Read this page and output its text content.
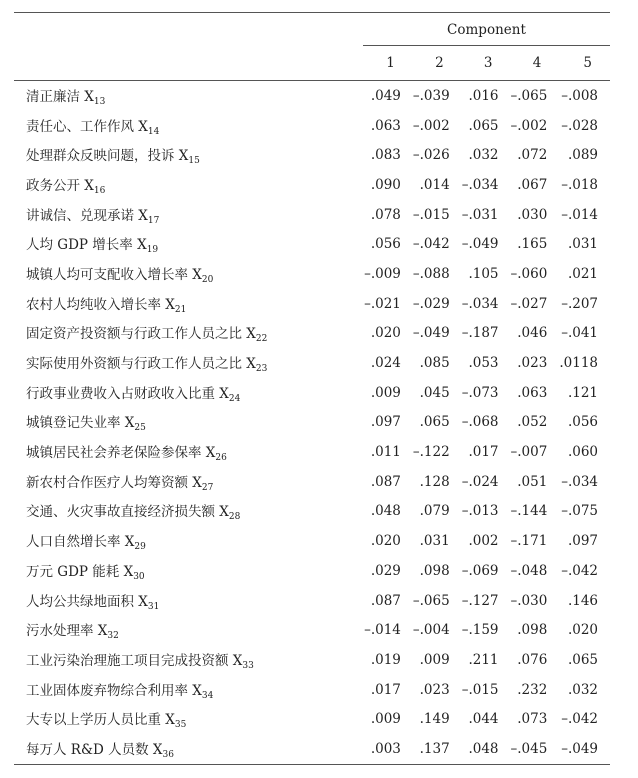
	Component				
	1	2	3	4	5
清正廉洁 $X_{13}$	.049	–.039	.016	–.065	–.008
责任心、工作作风 $X_{14}$	.063	–.002	.065	–.002	–.028
处理群众反映问题，投诉 $X_{15}$	.083	–.026	.032	.072	.089
政务公开 $X_{16}$	.090	.014	–.034	.067	–.018
讲诚信、兑现承诺 $X_{17}$	.078	–.015	–.031	.030	–.014
人均 GDP 增长率 $X_{19}$	.056	–.042	–.049	.165	.031
城镇人均可支配收入增长率 $X_{20}$	–.009	–.088	.105	–.060	.021
农村人均纯收入增长率 $X_{21}$	–.021	–.029	–.034	–.027	–.207
固定资产投资额与行政工作人员之比 $X_{22}$	.020	–.049	–.187	.046	–.041
实际使用外资额与行政工作人员之比 $X_{23}$	.024	.085	.053	.023	.0118
行政事业费收入占财政收入比重 $X_{24}$	.009	.045	–.073	.063	.121
城镇登记失业率 $X_{25}$	.097	.065	–.068	.052	.056
城镇居民社会养老保险参保率 $X_{26}$	.011	–.122	.017	–.007	.060
新农村合作医疗人均筹资额 $X_{27}$	.087	.128	–.024	.051	–.034
交通、火灾事故直接经济损失额 $X_{28}$	.048	.079	–.013	–.144	–.075
人口自然增长率 $X_{29}$	.020	.031	.002	–.171	.097
万元 GDP 能耗 $X_{30}$	.029	.098	–.069	–.048	–.042
人均公共绿地面积 $X_{31}$	.087	–.065	–.127	–.030	.146
污水处理率 $X_{32}$	–.014	–.004	–.159	.098	.020
工业污染治理施工项目完成投资额 $X_{33}$	.019	.009	.211	.076	.065
工业固体废弃物综合利用率 $X_{34}$	.017	.023	–.015	.232	.032
大专以上学历人员比重 $X_{35}$	.009	.149	.044	.073	–.042
每万人 R&D 人员数 $X_{36}$	.003	.137	.048	–.045	–.049
